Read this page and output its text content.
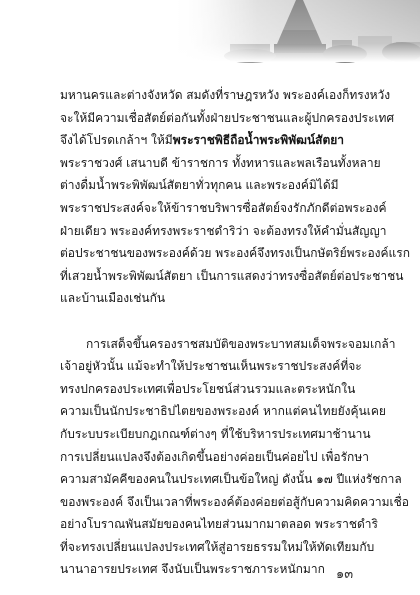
มหานครและต่างจังหวัด สมดังที่ราษฎรหวัง พระองค์เองก็ทรงหวัง
จะให้มีความเชื่อสัตย์ต่อกันทั้งฝ่ายประชาชนและผู้ปกครองประเทศ
จึงได้โปรดเกล้าฯ ให้มีพระราชพิธีถือน้ำพระพิพัฒน์สัตยา
พระราชวงศ์ เสนาบดี ข้าราชการ ทั้งทหารและพลเรือนทั้งหลาย
ต่างดื่มน้ำพระพิพัฒน์สัตยาทั่วทุกคน และพระองค์มิได้มี
พระราชประสงค์จะให้ข้าราชบริพารซื่อสัตย์จงรักภักดีต่อพระองค์
ฝ่ายเดียว พระองค์ทรงพระราชดำริว่า จะต้องทรงให้คำมั่นสัญญา
ต่อประชาชนของพระองค์ด้วย พระองค์จึงทรงเป็นกษัตริย์พระองค์แรก
ที่เสวยน้ำพระพิพัฒน์สัตยา เป็นการแสดงว่าทรงซื่อสัตย์ต่อประชาชน
และบ้านเมืองเช่นกัน
การเสด็จขึ้นครองราชสมบัติของพระบาทสมเด็จพระจอมเกล้า
เจ้าอยู่หัวนั้น แม้จะทำให้ประชาชนเห็นพระราชประสงค์ที่จะ
ทรงปกครองประเทศเพื่อประโยชน์ส่วนรวมและตระหนักใน
ความเป็นนักประชาธิปไตยของพระองค์ หากแต่คนไทยยังคุ้นเคย
กับระบบระเบียบกฎเกณฑ์ต่างๆ ที่ใช้บริหารประเทศมาช้านาน
การเปลี่ยนแปลงจึงต้องเกิดขึ้นอย่างค่อยเป็นค่อยไป เพื่อรักษา
ความสามัคคีของคนในประเทศเป็นข้อใหญ่ ดังนั้น ๑๗ ปีแห่งรัชกาล
ของพระองค์ จึงเป็นเวลาที่พระองค์ต้องค่อยต่อสู้กับความคิดความเชื่อ
อย่างโบราณพันสมัยของคนไทยส่วนมากมาตลอด พระราชดำริ
ที่จะทรงเปลี่ยนแปลงประเทศให้สู่อารยธรรมใหม่ให้ทัดเทียมกับ
นานาอารยประเทศ จึงนับเป็นพระราชภาระหนักมาก ๑๓
